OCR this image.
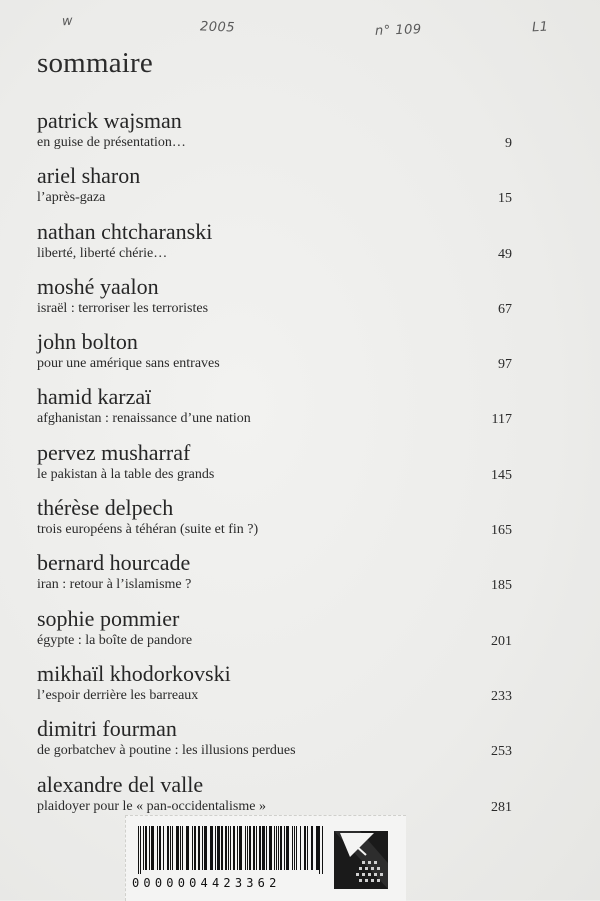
w	2005	n° 109	L1
sommaire
patrick wajsman
en guise de présentation…	9
ariel sharon
l’après-gaza	15
nathan chtcharanski
liberté, liberté chérie…	49
moshé yaalon
israël : terroriser les terroristes	67
john bolton
pour une amérique sans entraves	97
hamid karzaï
afghanistan : renaissance d’une nation	117
pervez musharraf
le pakistan à la table des grands	145
thérèse delpech
trois européens à téhéran (suite et fin ?)	165
bernard hourcade
iran : retour à l’islamisme ?	185
sophie pommier
égypte : la boîte de pandore	201
mikhaïl khodorkovski
l’espoir derrière les barreaux	233
dimitri fourman
de gorbatchev à poutine : les illusions perdues	253
alexandre del valle
plaidoyer pour le « pan-occidentalisme »	281
0000004423362
